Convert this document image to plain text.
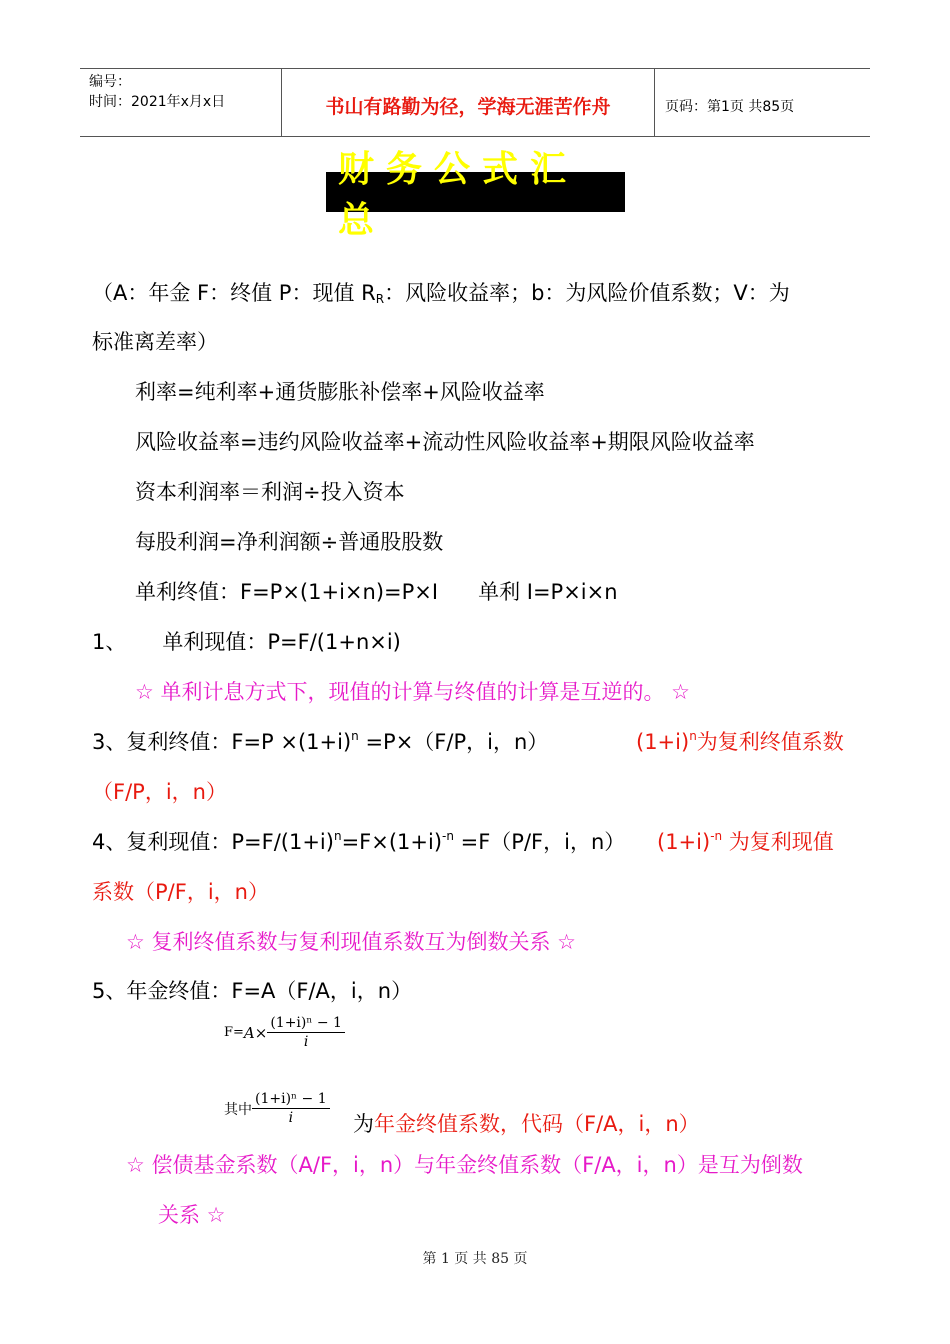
编号：
时间：2021年x月x日	书山有路勤为径，学海无涯苦作舟	页码：第1页 共85页
财务公式汇总
（A：年金 F：终值 P：现值 $R_R$：风险收益率；b：为风险价值系数；V：为
标准离差率）
利率=纯利率+通货膨胀补偿率+风险收益率
风险收益率=违约风险收益率+流动性风险收益率+期限风险收益率
资本利润率＝利润÷投入资本
每股利润=净利润额÷普通股股数
单利终值：F=P×(1+i×n)=P×I 单利 I=P×i×n
1、 单利现值：P=F/(1+n×i)
☆ 单利计息方式下，现值的计算与终值的计算是互逆的。 ☆
3、复利终值：$F=P \times(1+i)^n =P\times(F/P$，i，n）	$(1+i)^n$为复利终值系数
（F/P，i，n）
4、复利现值：$P=F/(1+i)^n=F\times(1+i)^{-n} =F(P/F$，i，n） $(1+i)^{-n}$ 为复利现值
系数（P/F，i，n）
☆ 复利终值系数与复利现值系数互为倒数关系 ☆
5、年金终值：F=A（F/A，i，n）
$F= A\times \frac{\text{(1+i)ⁿ − 1}}{i}$
其中 $\frac{\text{(1+i)ⁿ − 1}}{i}$ 为年金终值系数，代码（F/A，i，n）
☆ 偿债基金系数（A/F，i，n）与年金终值系数（F/A，i，n）是互为倒数
关系 ☆
第 1 页 共 85 页
